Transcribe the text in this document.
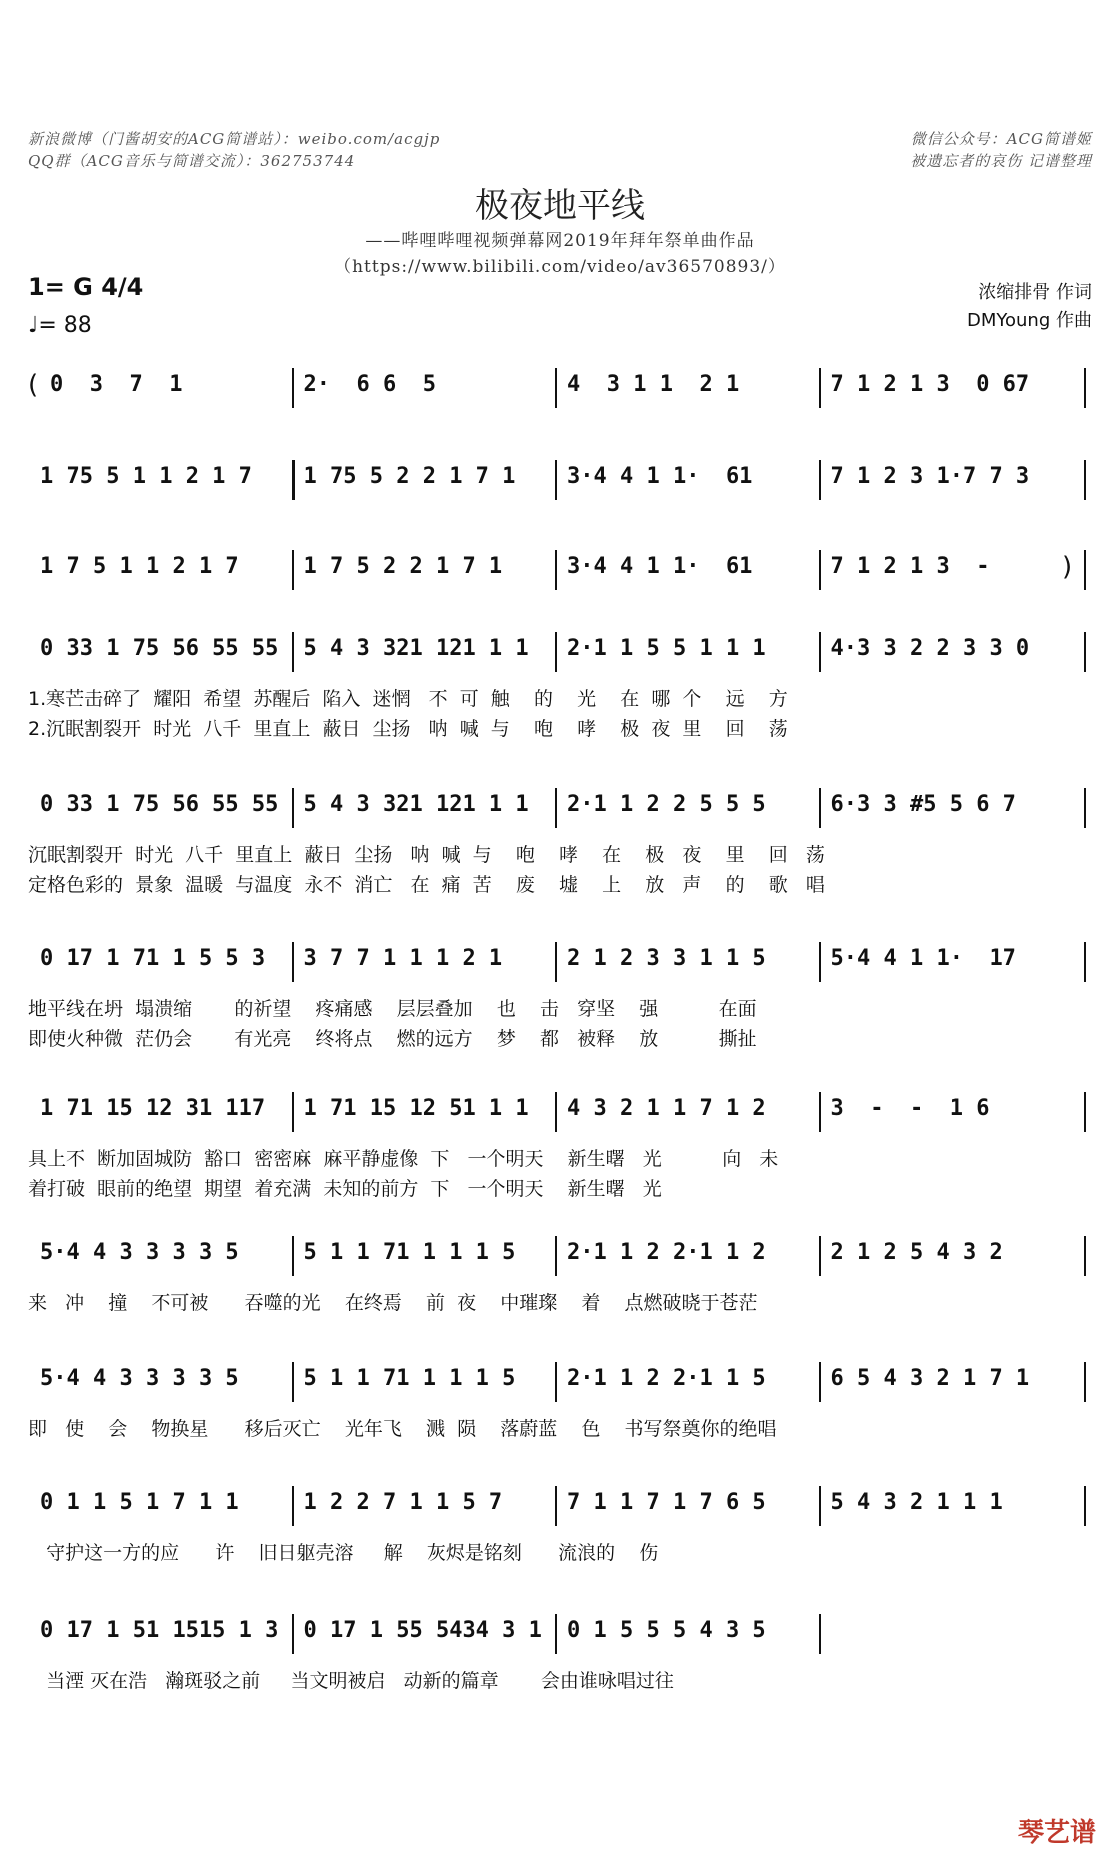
新浪微博（门酱胡安的ACG简谱站）：weibo.com/acgjp
QQ群（ACG音乐与简谱交流）：362753744
微信公众号：ACG简谱姬
被遗忘者的哀伤 记谱整理
极夜地平线
——哔哩哔哩视频弹幕网2019年拜年祭单曲作品
（https://www.bilibili.com/video/av36570893/）
1= G 4/4
♩= 88
浓缩排骨 作词
DMYoung 作曲
( 0  3  7  1	2·  6 6  5	4  3 1 1  2 1	7 1 2 1 3  0 67
1 75 5 1 1 2 1 7 1 75 5 2 2 1 7 1 3·4 4 1 1·  61	7 1 2 3 1·7 7 3
1 7 5 1 1 2 1 7	1 7 5 2 2 1 7 1	3·4 4 1 1·  61	7 1 2 1 3  - )
0 33 1 75 56 55 55 5 4 3 321 121 1 1 2·1 1 5 5 1 1 1	4·3 3 2 2 3 3 0
1.寒芒击碎了  耀阳  希望  苏醒后  陷入  迷惘   不  可  触    的    光    在  哪  个    远    方
2.沉眠割裂开  时光  八千  里直上  蔽日  尘扬   呐  喊  与    咆    哮    极  夜  里    回    荡
0 33 1 75 56 55 55 5 4 3 321 121 1 1 2·1 1 2 2 5 5 5	6·3 3 #5 5 6 7
沉眠割裂开  时光  八千  里直上  蔽日  尘扬   呐  喊  与    咆    哮    在    极   夜    里    回   荡
定格色彩的  景象  温暖  与温度  永不  消亡   在  痛  苦    废    墟    上    放   声    的    歌   唱
0 17 1 71 1 5 5 3 3 7 7 1 1 1 2 1	2 1 2 3 3 1 1 5	5·4 4 1 1·  17
地平线在坍  塌溃缩       的祈望    疼痛感    层层叠加    也    击   穿坚    强          在面
即使火种微  茫仍会       有光亮    终将点    燃的远方    梦    都   被释    放          撕扯
1 71 15 12 31 117 1 71 15 12 51 1 1 4 3 2 1 1 7 1 2	3  -  -  1 6
具上不  断加固城防  豁口  密密麻  麻平静虚像  下   一个明天    新生曙   光          向   未
着打破  眼前的绝望  期望  着充满  未知的前方  下   一个明天    新生曙   光
5·4 4 3 3 3 3 5	5 1 1 71 1 1 1 5 2·1 1 2 2·1 1 2	2 1 2 5 4 3 2
来   冲    撞    不可被      吞噬的光    在终焉    前  夜    中璀璨    着    点燃破晓于苍茫
5·4 4 3 3 3 3 5	5 1 1 71 1 1 1 5 2·1 1 2 2·1 1 5	6 5 4 3 2 1 7 1
即   使    会    物换星      移后灭亡    光年飞    溅  陨    落蔚蓝    色    书写祭奠你的绝唱
0 1 1 5 1 7 1 1	1 2 2 7 1 1 5 7	7 1 1 7 1 7 6 5	5 4 3 2 1 1 1
守护这一方的应      许    旧日躯壳溶     解    灰烬是铭刻      流浪的    伤
0 17 1 51 1515 1 3 0 17 1 55 5434 3 1 0 1 5 5 5 4 3 5
当湮 灭在浩   瀚斑驳之前     当文明被启   动新的篇章       会由谁咏唱过往
琴艺谱
